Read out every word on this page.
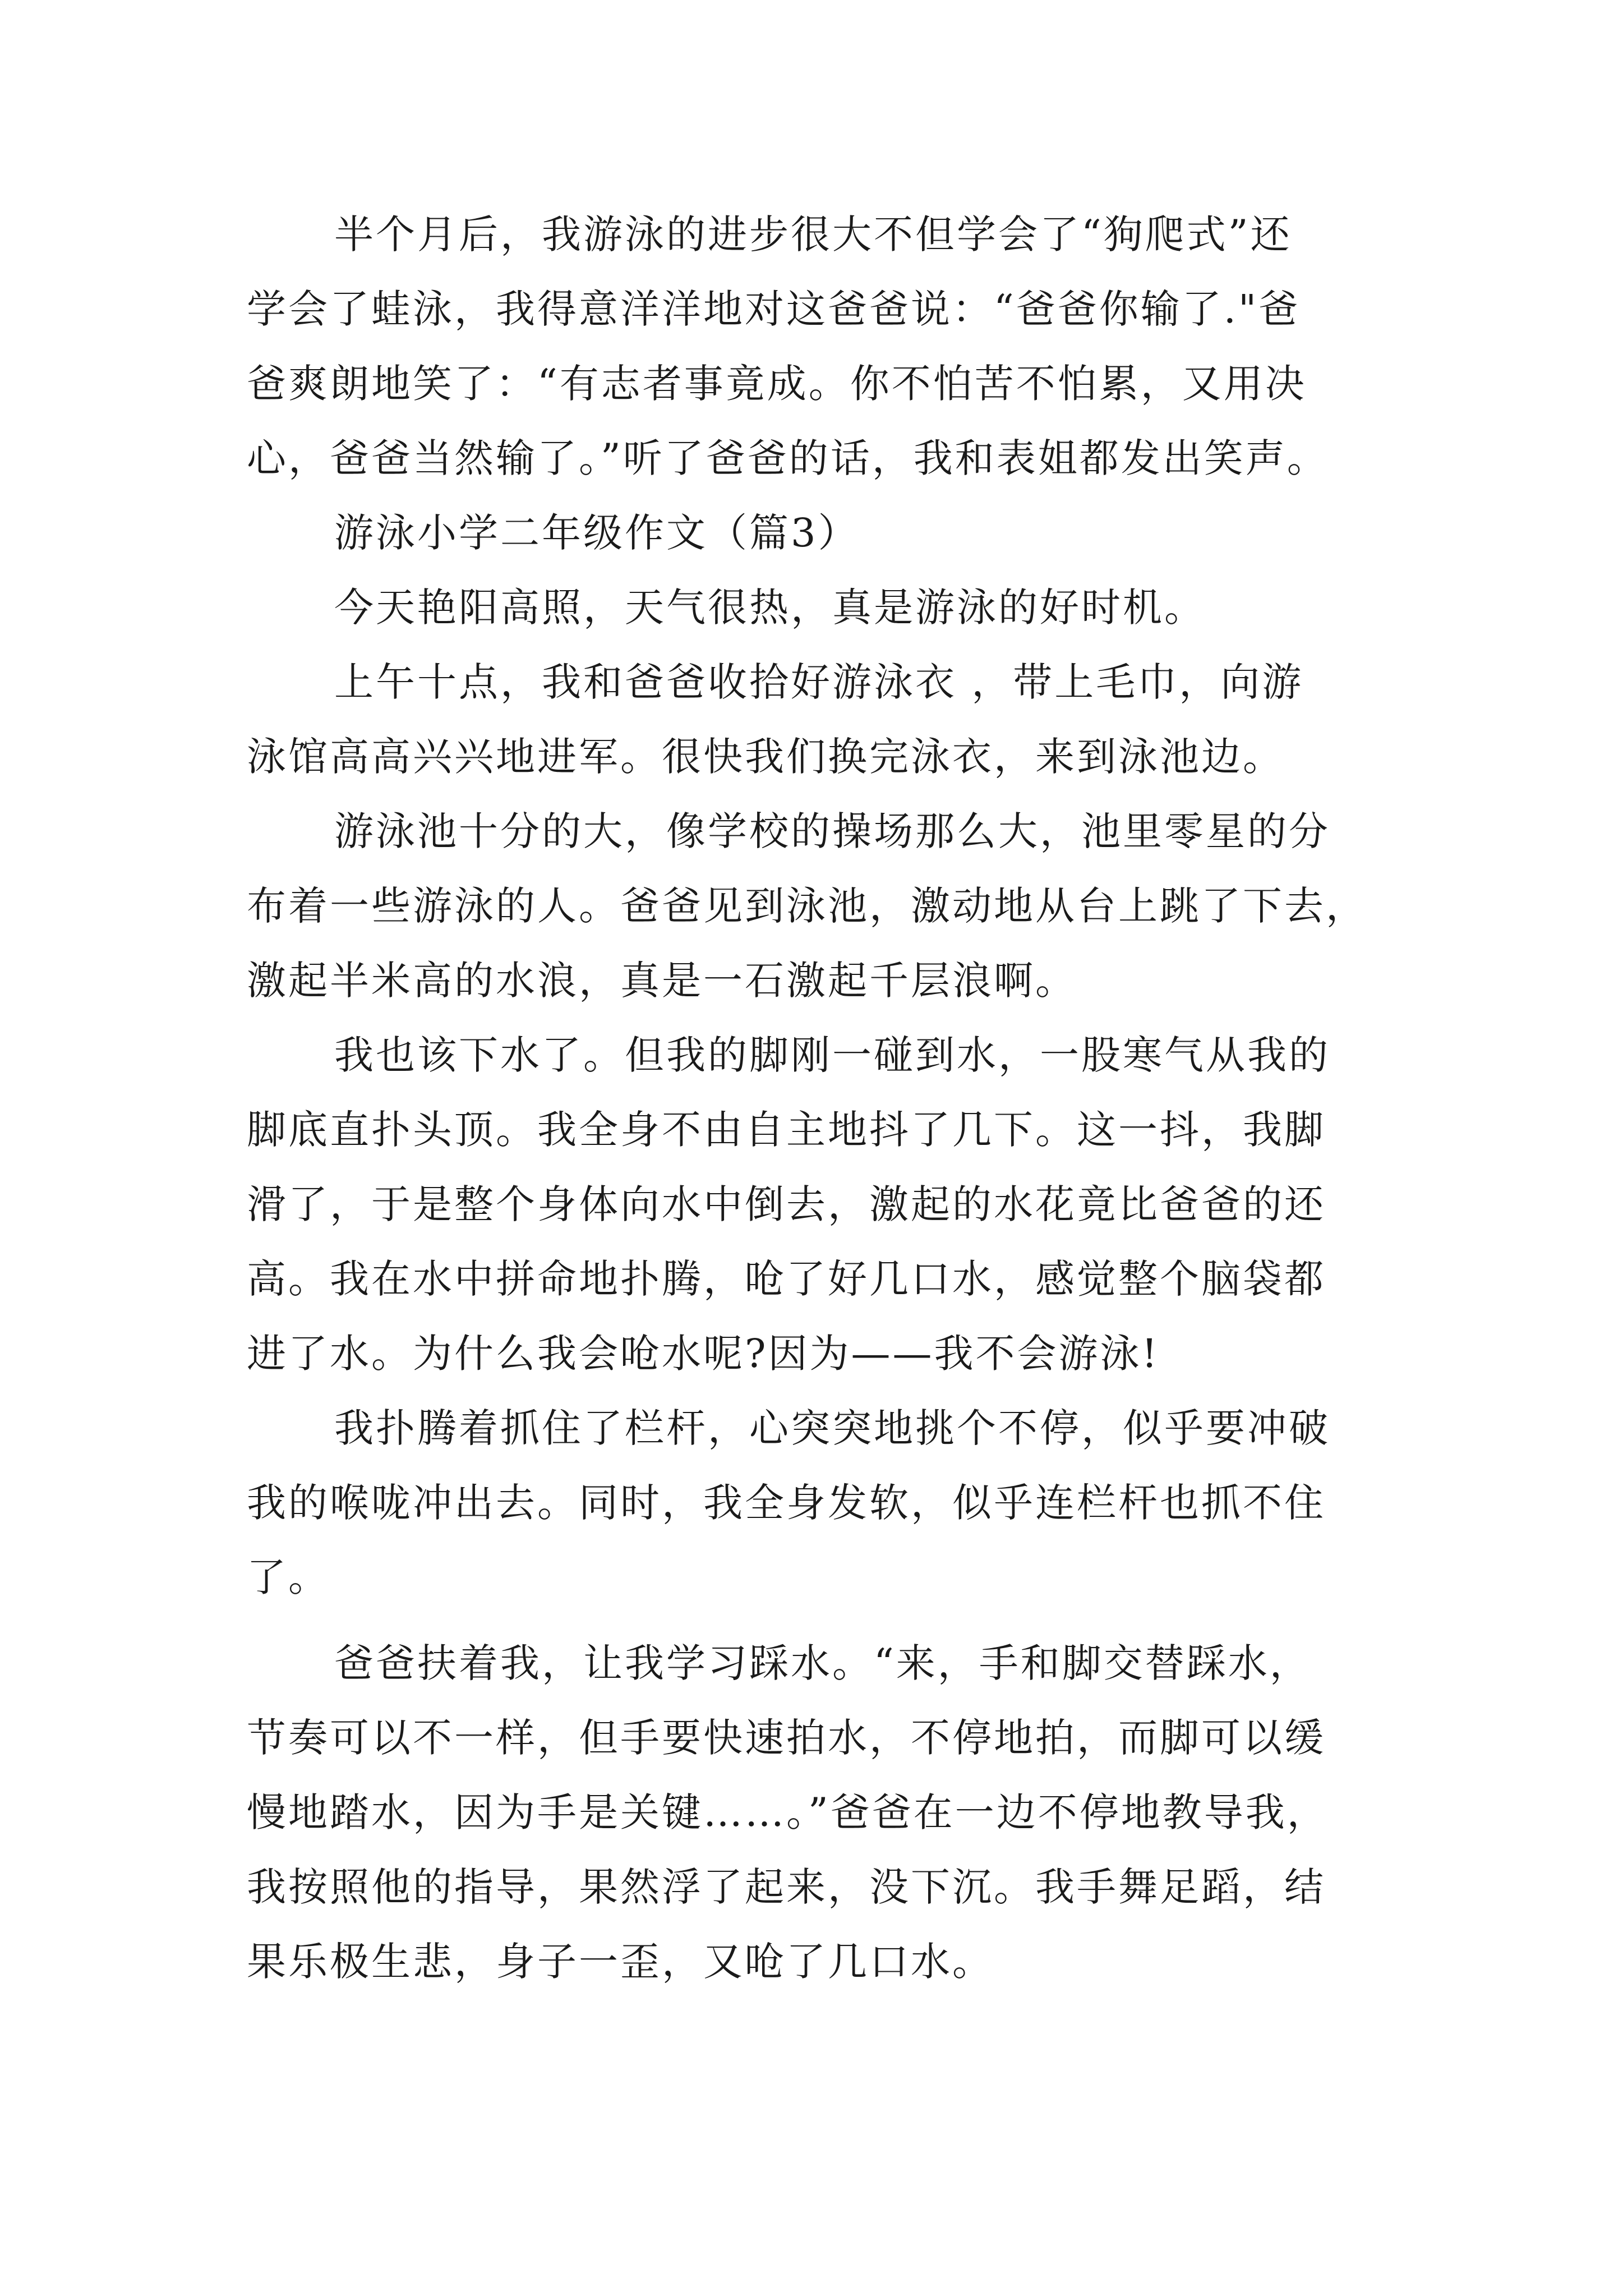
半个月后，我游泳的进步很大不但学会了“狗爬式”还
学会了蛙泳，我得意洋洋地对这爸爸说：“爸爸你输了."爸
爸爽朗地笑了：“有志者事竟成。你不怕苦不怕累，又用决
心，爸爸当然输了。”听了爸爸的话，我和表姐都发出笑声。
游泳小学二年级作文（篇3）
今天艳阳高照，天气很热，真是游泳的好时机。
上午十点，我和爸爸收拾好游泳衣 ，带上毛巾，向游
泳馆高高兴兴地进军。很快我们换完泳衣，来到泳池边。
游泳池十分的大，像学校的操场那么大，池里零星的分
布着一些游泳的人。爸爸见到泳池，激动地从台上跳了下去，
激起半米高的水浪，真是一石激起千层浪啊。
我也该下水了。但我的脚刚一碰到水，一股寒气从我的
脚底直扑头顶。我全身不由自主地抖了几下。这一抖，我脚
滑了，于是整个身体向水中倒去，激起的水花竟比爸爸的还
高。我在水中拼命地扑腾，呛了好几口水，感觉整个脑袋都
进了水。为什么我会呛水呢?因为——我不会游泳!
我扑腾着抓住了栏杆，心突突地挑个不停，似乎要冲破
我的喉咙冲出去。同时，我全身发软，似乎连栏杆也抓不住
了。
爸爸扶着我，让我学习踩水。“来，手和脚交替踩水，
节奏可以不一样，但手要快速拍水，不停地拍，而脚可以缓
慢地踏水，因为手是关键……。”爸爸在一边不停地教导我，
我按照他的指导，果然浮了起来，没下沉。我手舞足蹈，结
果乐极生悲，身子一歪，又呛了几口水。
